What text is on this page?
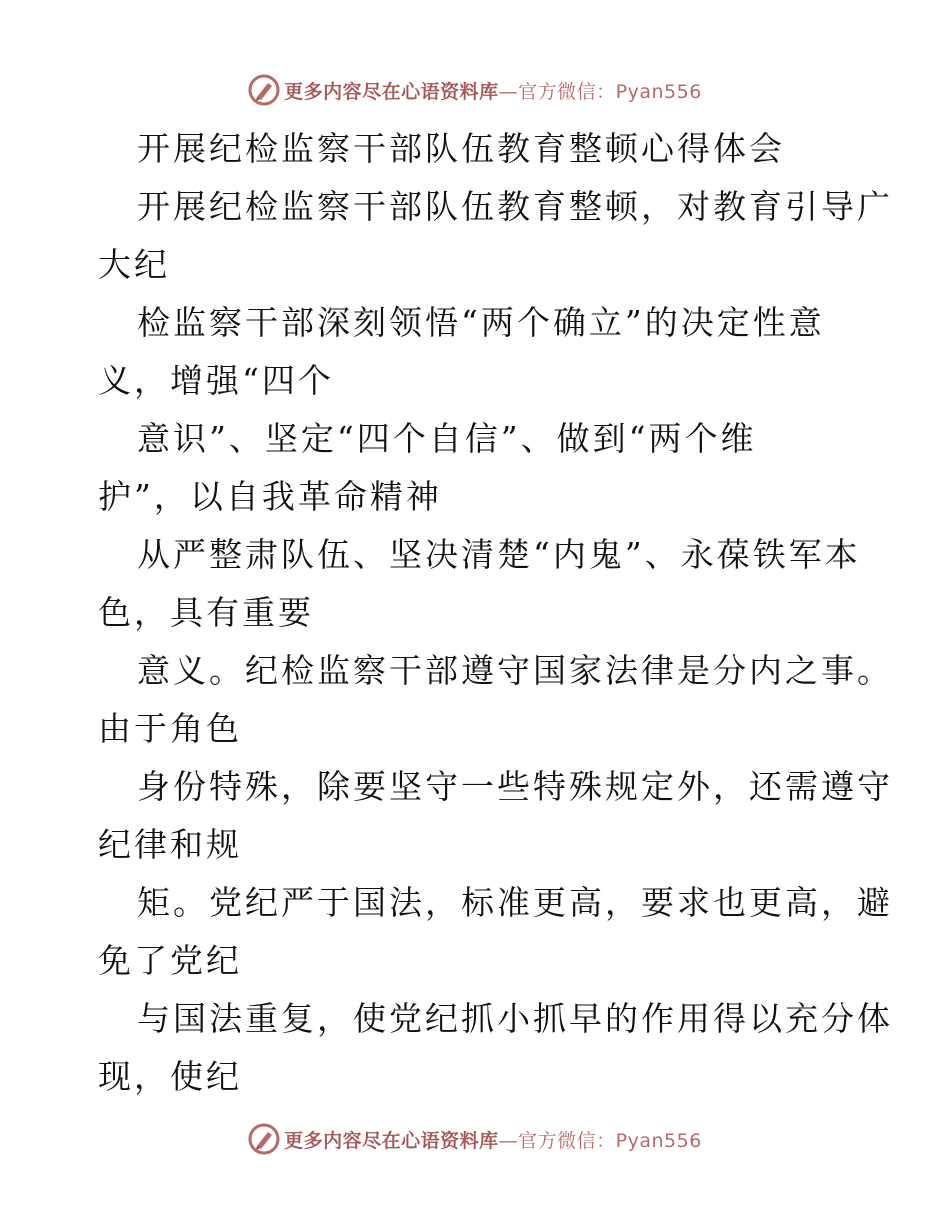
更多内容尽在心语资料库—官方微信：Pyan556
开展纪检监察干部队伍教育整顿心得体会
开展纪检监察干部队伍教育整顿，对教育引导广
大纪
检监察干部深刻领悟“两个确立”的决定性意
义，增强“四个
意识”、坚定“四个自信”、做到“两个维
护”，以自我革命精神
从严整肃队伍、坚决清楚“内鬼”、永葆铁军本
色，具有重要
意义。纪检监察干部遵守国家法律是分内之事。
由于角色
身份特殊，除要坚守一些特殊规定外，还需遵守
纪律和规
矩。党纪严于国法，标准更高，要求也更高，避
免了党纪
与国法重复，使党纪抓小抓早的作用得以充分体
现，使纪
更多内容尽在心语资料库—官方微信：Pyan556
